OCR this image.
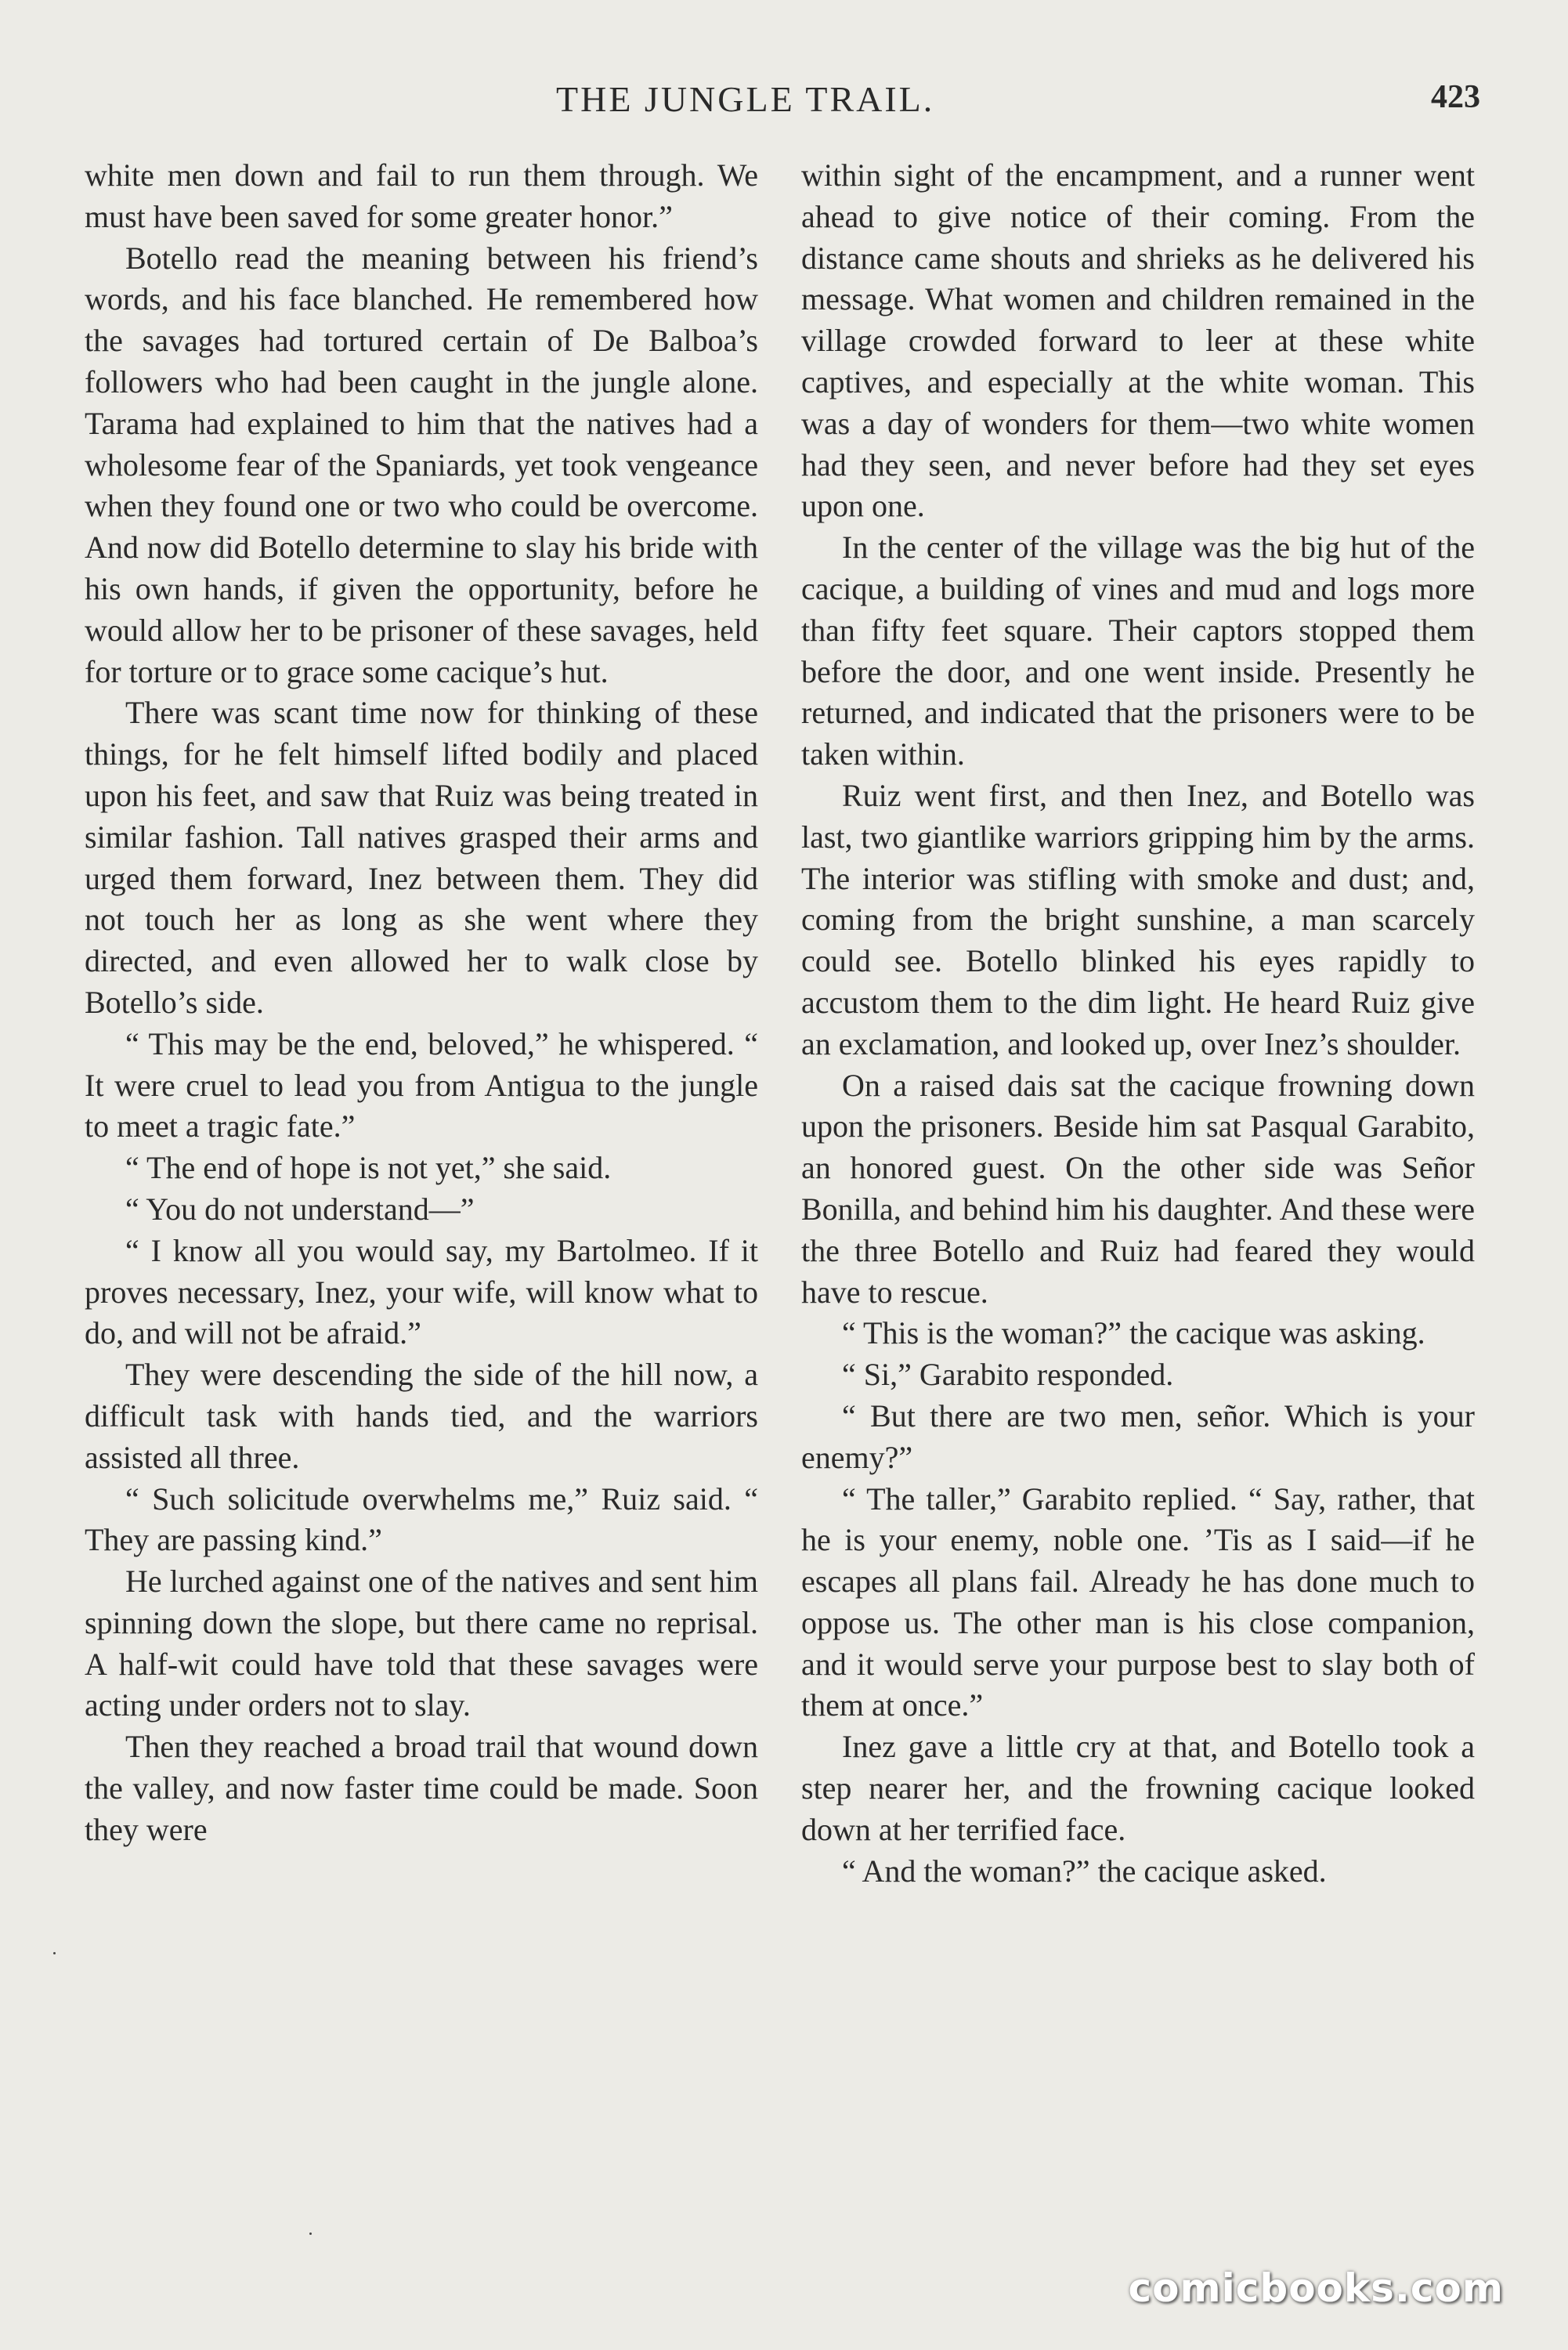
THE JUNGLE TRAIL.	423

white men down and fail to run them through. We must have been saved for some greater honor.”

Botello read the meaning between his friend’s words, and his face blanched. He remembered how the savages had tortured certain of De Balboa’s followers who had been caught in the jungle alone. Tarama had explained to him that the natives had a wholesome fear of the Spaniards, yet took vengeance when they found one or two who could be overcome. And now did Botello determine to slay his bride with his own hands, if given the opportunity, before he would allow her to be prisoner of these savages, held for torture or to grace some cacique’s hut.

There was scant time now for thinking of these things, for he felt himself lifted bodily and placed upon his feet, and saw that Ruiz was being treated in similar fashion. Tall natives grasped their arms and urged them forward, Inez between them. They did not touch her as long as she went where they directed, and even allowed her to walk close by Botello’s side.

“ This may be the end, beloved,” he whispered. “ It were cruel to lead you from Antigua to the jungle to meet a tragic fate.”

“ The end of hope is not yet,” she said.

“ You do not understand—”

“ I know all you would say, my Bartolmeo. If it proves necessary, Inez, your wife, will know what to do, and will not be afraid.”

They were descending the side of the hill now, a difficult task with hands tied, and the warriors assisted all three.

“ Such solicitude overwhelms me,” Ruiz said. “ They are passing kind.”

He lurched against one of the natives and sent him spinning down the slope, but there came no reprisal. A half-wit could have told that these savages were acting under orders not to slay.

Then they reached a broad trail that wound down the valley, and now faster time could be made. Soon they were

within sight of the encampment, and a runner went ahead to give notice of their coming. From the distance came shouts and shrieks as he delivered his message. What women and children remained in the village crowded forward to leer at these white captives, and especially at the white woman. This was a day of wonders for them—two white women had they seen, and never before had they set eyes upon one.

In the center of the village was the big hut of the cacique, a building of vines and mud and logs more than fifty feet square. Their captors stopped them before the door, and one went inside. Presently he returned, and indicated that the prisoners were to be taken within.

Ruiz went first, and then Inez, and Botello was last, two giantlike warriors gripping him by the arms. The interior was stifling with smoke and dust; and, coming from the bright sunshine, a man scarcely could see. Botello blinked his eyes rapidly to accustom them to the dim light. He heard Ruiz give an exclamation, and looked up, over Inez’s shoulder.

On a raised dais sat the cacique frowning down upon the prisoners. Beside him sat Pasqual Garabito, an honored guest. On the other side was Señor Bonilla, and behind him his daughter. And these were the three Botello and Ruiz had feared they would have to rescue.

“ This is the woman?” the cacique was asking.

“ Si,” Garabito responded.

“ But there are two men, señor. Which is your enemy?”

“ The taller,” Garabito replied. “ Say, rather, that he is your enemy, noble one. ’Tis as I said—if he escapes all plans fail. Already he has done much to oppose us. The other man is his close companion, and it would serve your purpose best to slay both of them at once.”

Inez gave a little cry at that, and Botello took a step nearer her, and the frowning cacique looked down at her terrified face.

“ And the woman?” the cacique asked.

comicbooks.com
